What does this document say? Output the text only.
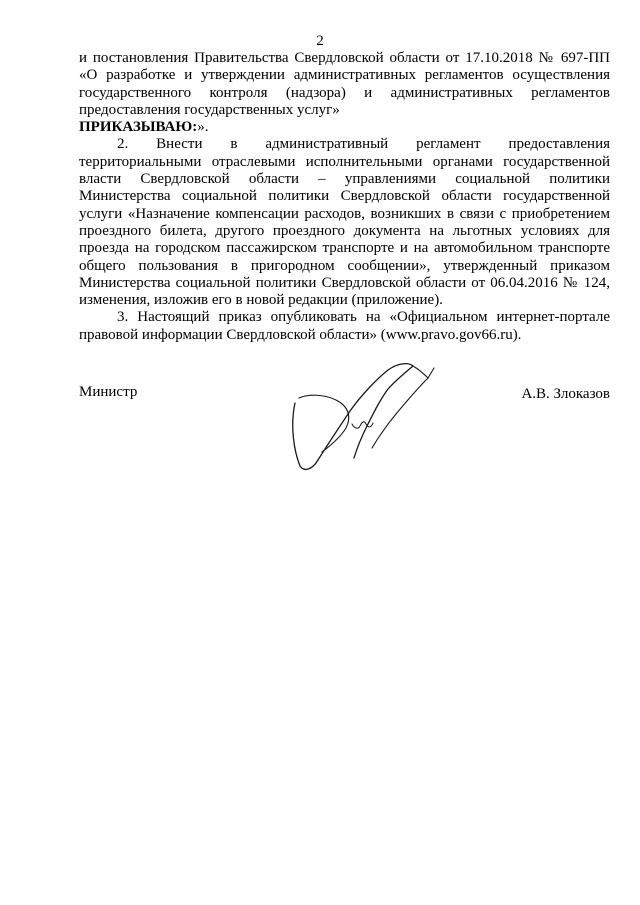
2

и постановления Правительства Свердловской области от 17.10.2018 № 697-ПП «О разработке и утверждении административных регламентов осуществления государственного контроля (надзора) и административных регламентов предоставления государственных услуг»

ПРИКАЗЫВАЮ:».

2. Внести в административный регламент предоставления территориальными отраслевыми исполнительными органами государственной власти Свердловской области – управлениями социальной политики Министерства социальной политики Свердловской области государственной услуги «Назначение компенсации расходов, возникших в связи с приобретением проездного билета, другого проездного документа на льготных условиях для проезда на городском пассажирском транспорте и на автомобильном транспорте общего пользования в пригородном сообщении», утвержденный приказом Министерства социальной политики Свердловской области от 06.04.2016 № 124, изменения, изложив его в новой редакции (приложение).

3. Настоящий приказ опубликовать на «Официальном интернет-портале правовой информации Свердловской области» (www.pravo.gov66.ru).

Министр	А.В. Злоказов
